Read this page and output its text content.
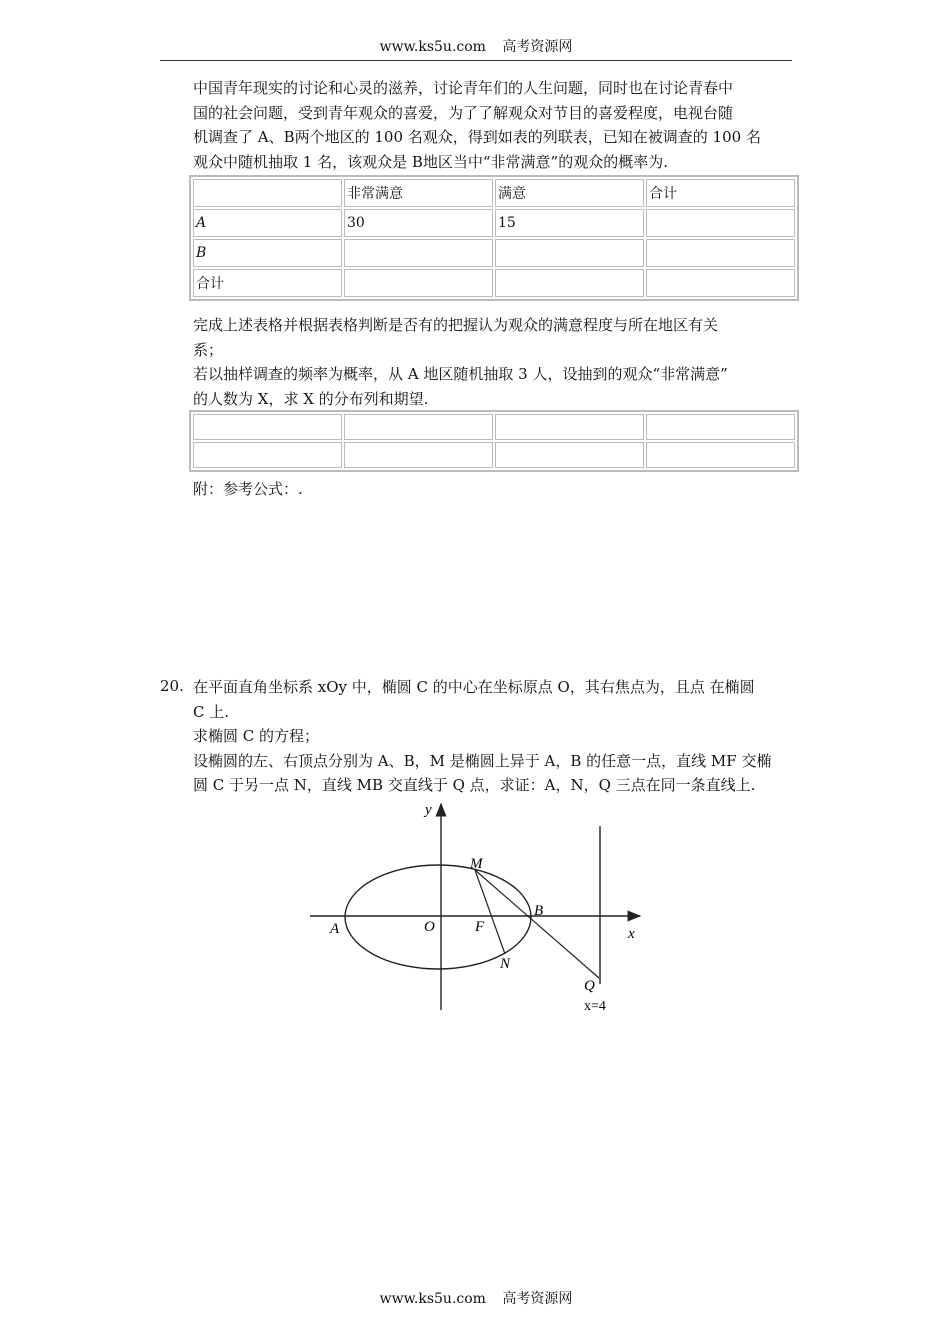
www.ks5u.com 高考资源网
中国青年现实的讨论和心灵的滋养，讨论青年们的人生问题，同时也在讨论青春中
国的社会问题，受到青年观众的喜爱，为了了解观众对节目的喜爱程度，电视台随
机调查了 A、B两个地区的 100 名观众，得到如表的列联表，已知在被调查的 100 名
观众中随机抽取 1 名，该观众是 B地区当中“非常满意”的观众的概率为.
	非常满意	满意	合计
A	30	15	
B			
合计			
完成上述表格并根据表格判断是否有的把握认为观众的满意程度与所在地区有关
系；
若以抽样调查的频率为概率，从 A 地区随机抽取 3 人，设抽到的观众“非常满意”
的人数为 X，求 X 的分布列和期望.

附：参考公式：.
20. 在平面直角坐标系 xOy 中，椭圆 C 的中心在坐标原点 O，其右焦点为，且点 在椭圆
C 上.
求椭圆 C 的方程；
设椭圆的左、右顶点分别为 A、B，M 是椭圆上异于 A，B 的任意一点，直线 MF 交椭
圆 C 于另一点 N，直线 MB 交直线于 Q 点，求证：A，N，Q 三点在同一条直线上.
y
x
O
A
B
F
M
N
Q
x=4
www.ks5u.com 高考资源网
